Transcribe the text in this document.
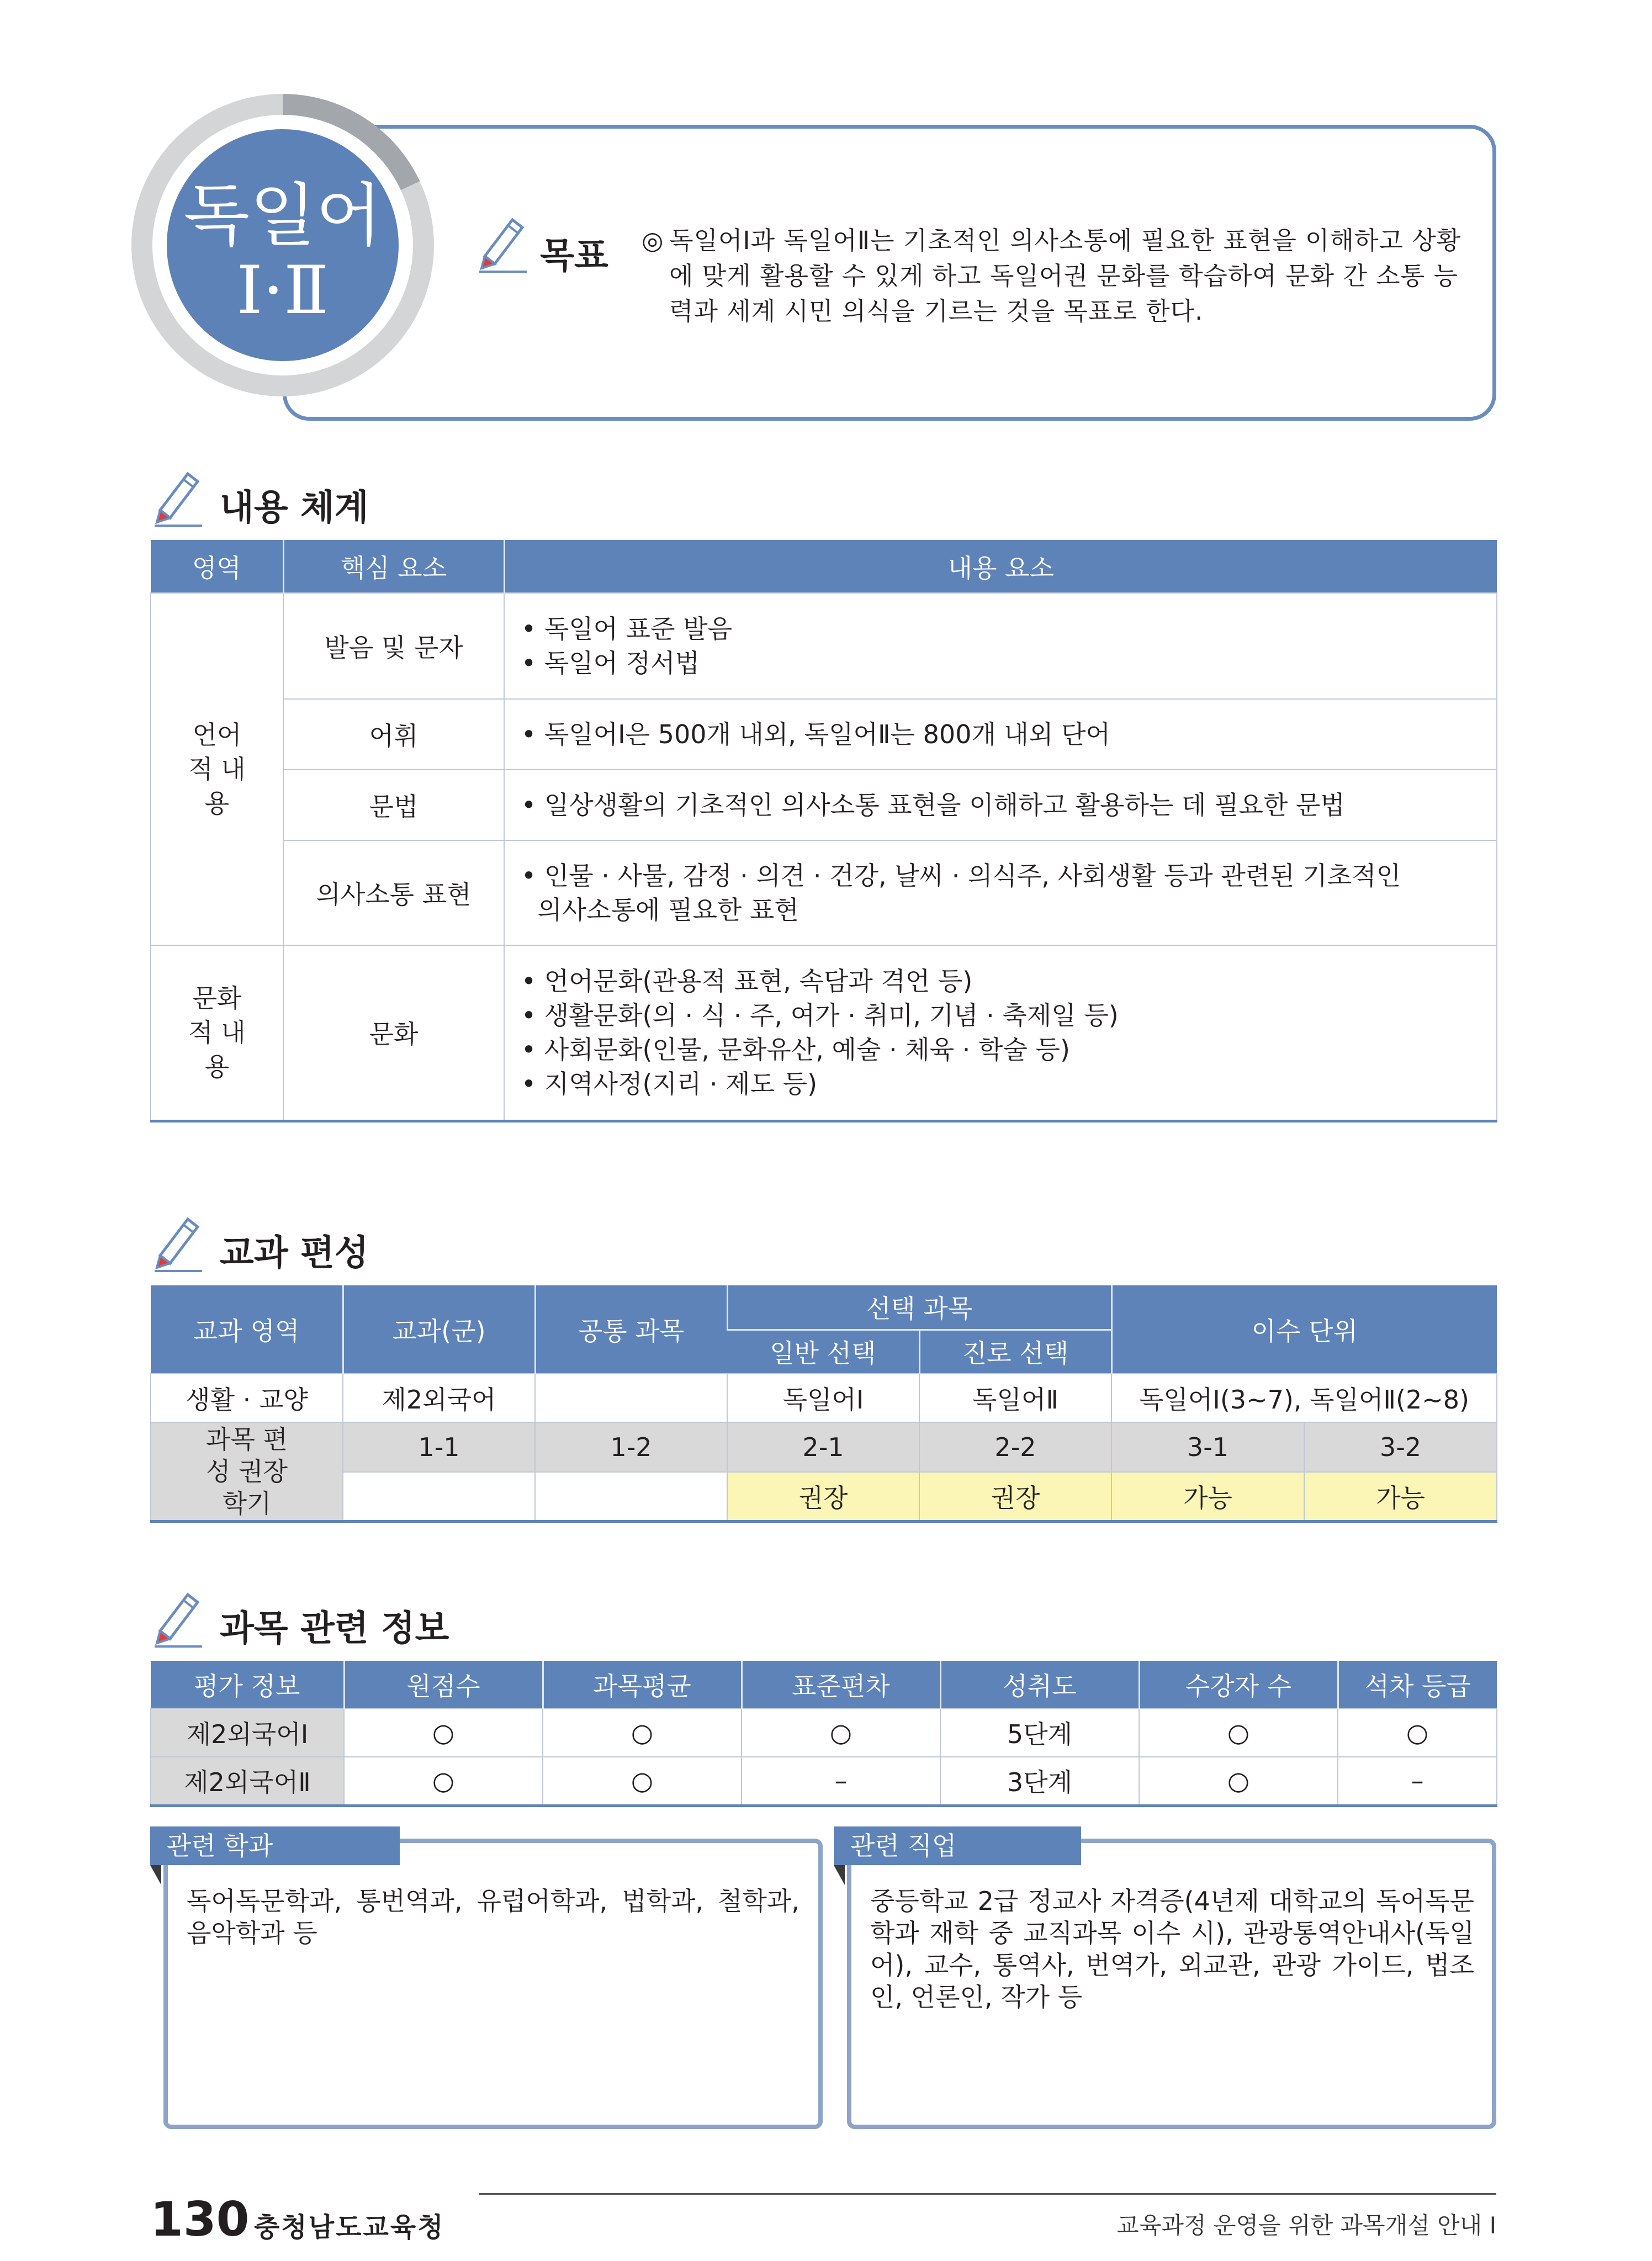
독일어
Ⅰ·Ⅱ	목표 ◎ 독일어Ⅰ과 독일어Ⅱ는 기초적인 의사소통에 필요한 표현을 이해하고 상황에 맞게 활용할 수 있게 하고 독일어권 문화를 학습하여 문화 간 소통 능력과 세계 시민 의식을 기르는 것을 목표로 한다.
내용 체계
영역	핵심 요소	내용 요소

언어적 내용	발음 및 문자	• 독일어 표준 발음
• 독일어 정서법

	어휘	• 독일어Ⅰ은 500개 내외, 독일어Ⅱ는 800개 내외 단어

	문법	• 일상생활의 기초적인 의사소통 표현을 이해하고 활용하는 데 필요한 문법

	의사소통 표현	• 인물 · 사물, 감정 · 의견 · 건강, 날씨 · 의식주, 사회생활 등과 관련된 기초적인
의사소통에 필요한 표현

문화적 내용	문화	• 언어문화(관용적 표현, 속담과 격언 등)
• 생활문화(의 · 식 · 주, 여가 · 취미, 기념 · 축제일 등)
• 사회문화(인물, 문화유산, 예술 · 체육 · 학술 등)
• 지역사정(지리 · 제도 등)
교과 편성
교과 영역	교과(군)	공통 과목	선택 과목		이수 단위	
			일반 선택	진로 선택		
생활 · 교양	제2외국어		독일어Ⅰ	독일어Ⅱ	독일어Ⅰ(3~7), 독일어Ⅱ(2~8)	

과목 편성 권장 학기	1-1	1-2	2-1	2-2	3-1	3-2
			권장	권장	가능	가능
과목 관련 정보
평가 정보	원점수	과목평균	표준편차	성취도	수강자 수	석차 등급
제2외국어Ⅰ	○	○	○	5단계	○	○
제2외국어Ⅱ	○	○	–	3단계	○	–
관련 학과
독어독문학과, 통번역과, 유럽어학과, 법학과, 철학과, 음악학과 등
관련 직업
중등학교 2급 정교사 자격증(4년제 대학교의 독어독문학과 재학 중 교직과목 이수 시), 관광통역안내사(독일어), 교수, 통역사, 번역가, 외교관, 관광 가이드, 법조인, 언론인, 작가 등
130 충청남도교육청	교육과정 운영을 위한 과목개설 안내 Ⅰ
